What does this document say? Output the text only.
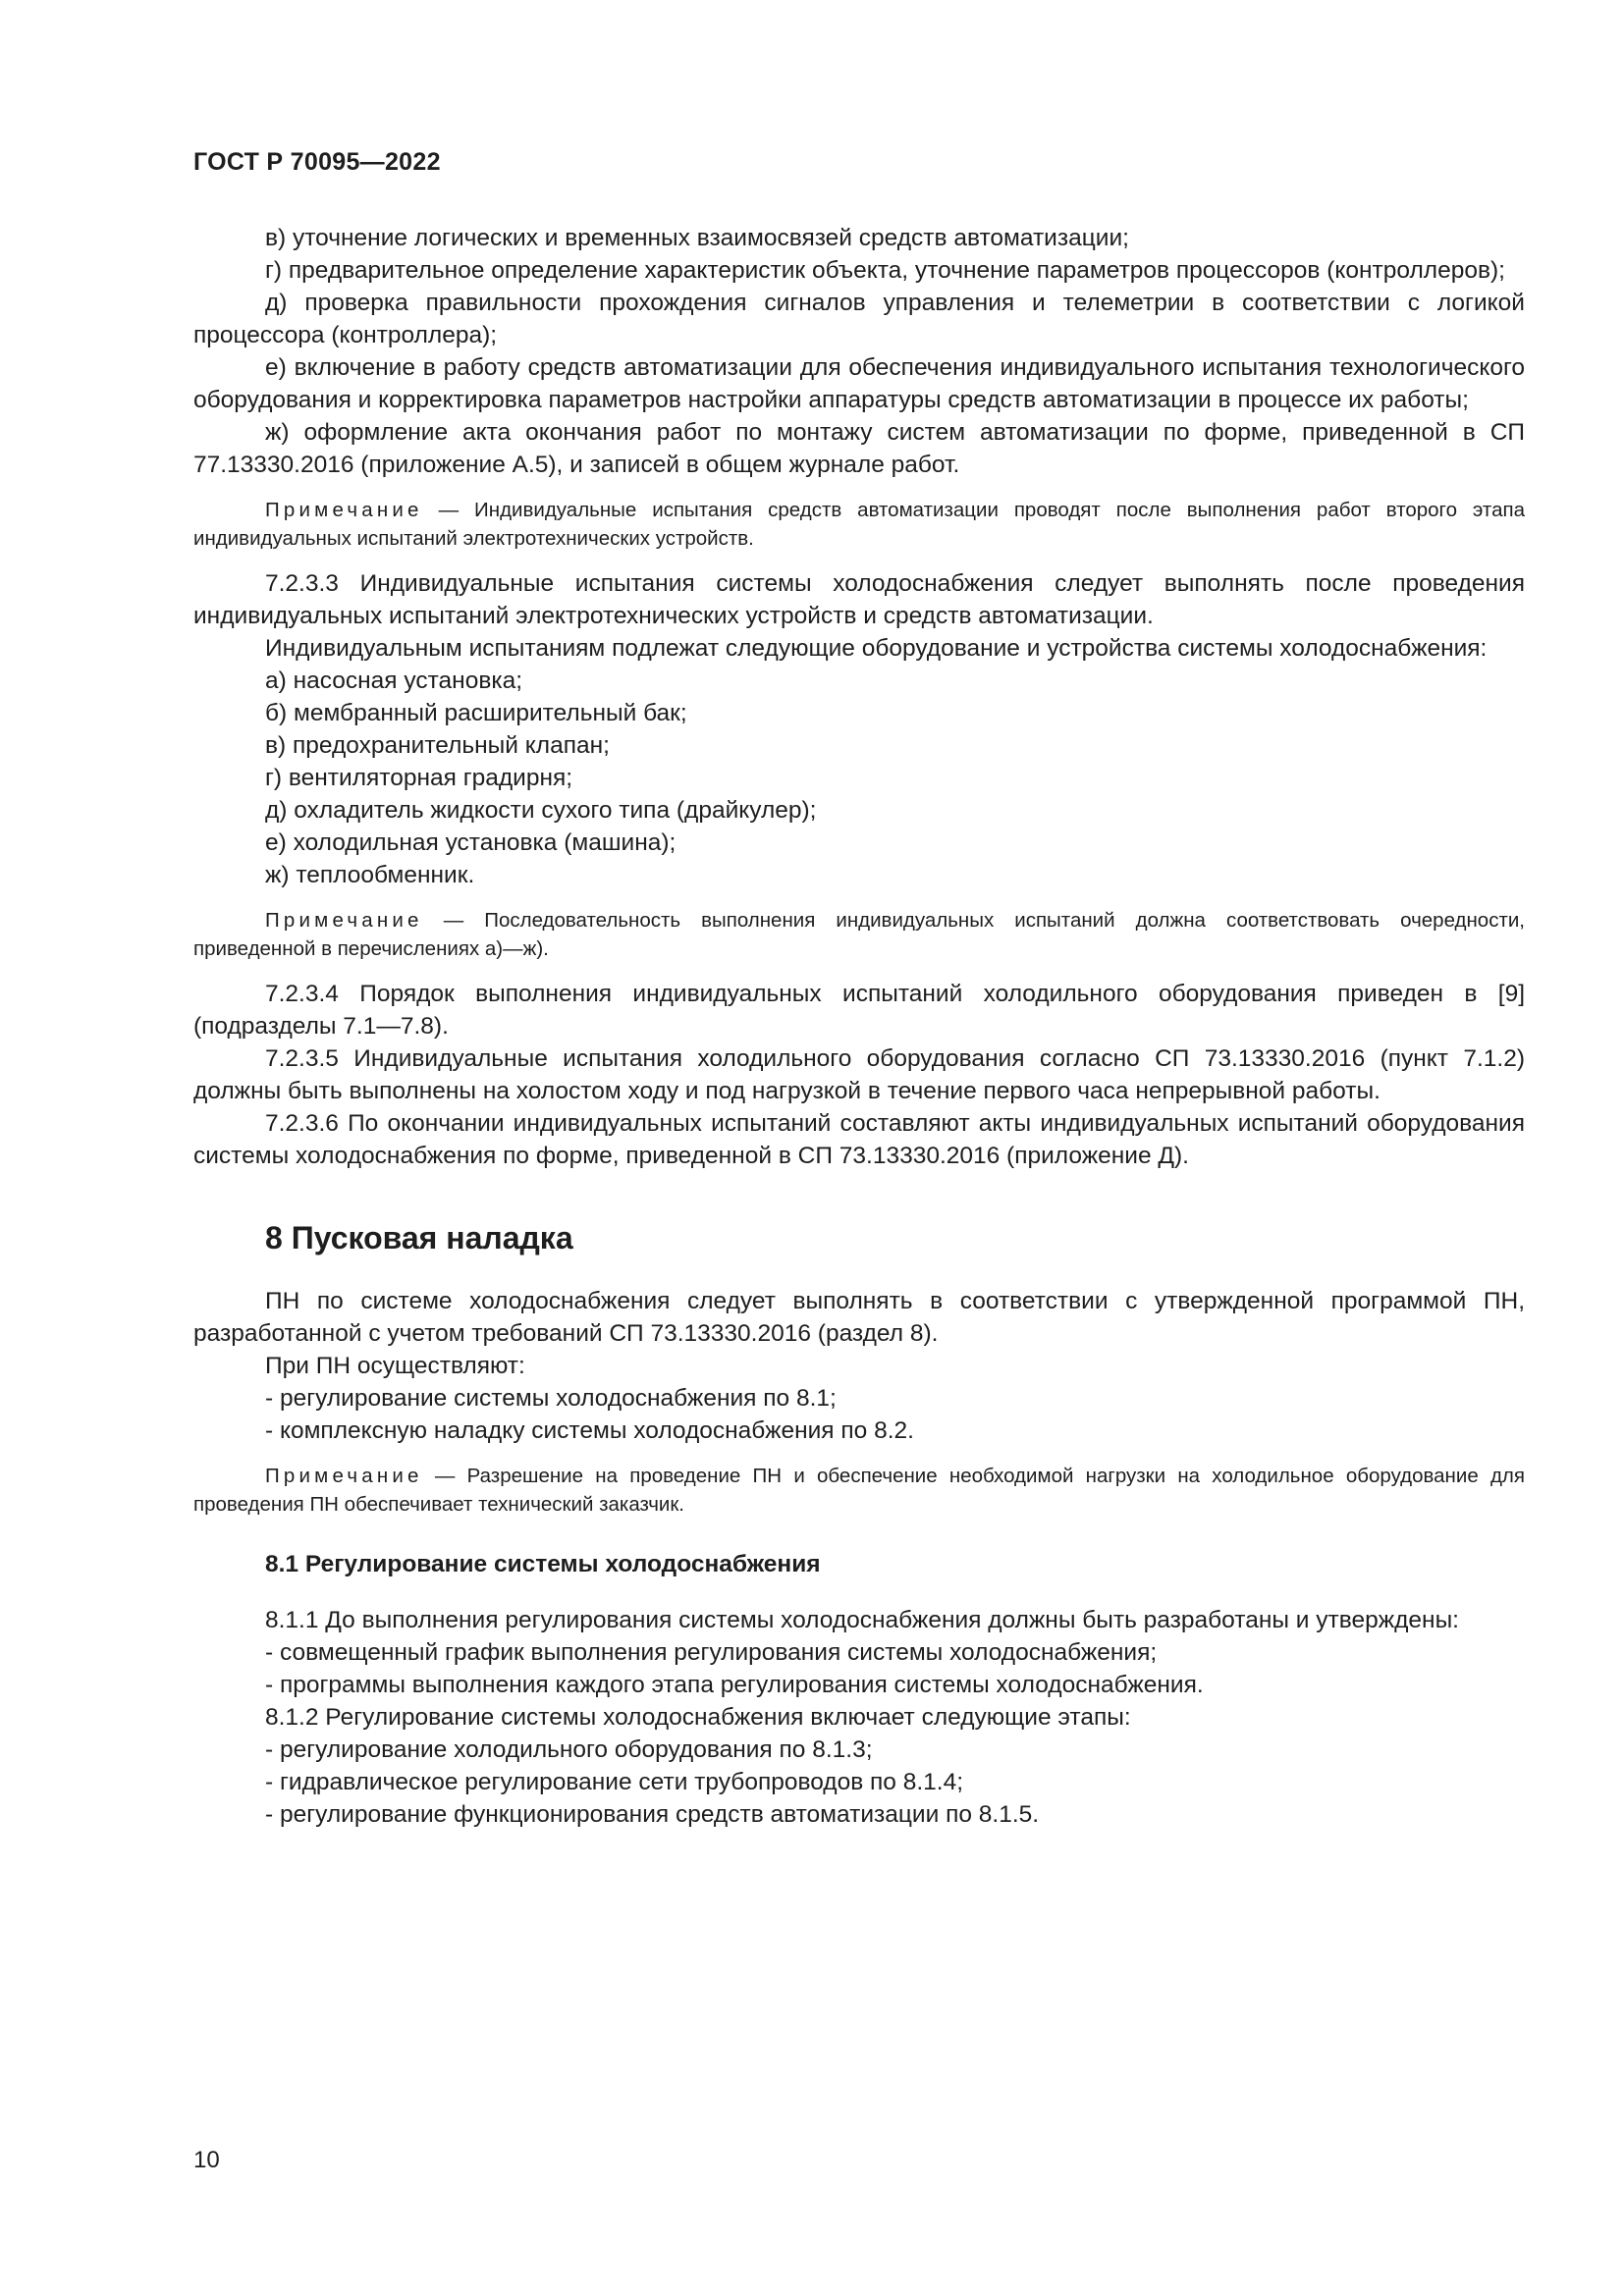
ГОСТ Р 70095—2022

в) уточнение логических и временных взаимосвязей средств автоматизации;

г) предварительное определение характеристик объекта, уточнение параметров процессоров (контроллеров);

д) проверка правильности прохождения сигналов управления и телеметрии в соответствии с логикой процессора (контроллера);

е) включение в работу средств автоматизации для обеспечения индивидуального испытания технологического оборудования и корректировка параметров настройки аппаратуры средств автоматизации в процессе их работы;

ж) оформление акта окончания работ по монтажу систем автоматизации по форме, приведенной в СП 77.13330.2016 (приложение А.5), и записей в общем журнале работ.

Примечание — Индивидуальные испытания средств автоматизации проводят после выполнения работ второго этапа индивидуальных испытаний электротехнических устройств.

7.2.3.3 Индивидуальные испытания системы холодоснабжения следует выполнять после проведения индивидуальных испытаний электротехнических устройств и средств автоматизации.

Индивидуальным испытаниям подлежат следующие оборудование и устройства системы холодоснабжения:

а) насосная установка;

б) мембранный расширительный бак;

в) предохранительный клапан;

г) вентиляторная градирня;

д) охладитель жидкости сухого типа (драйкулер);

е) холодильная установка (машина);

ж) теплообменник.

Примечание — Последовательность выполнения индивидуальных испытаний должна соответствовать очередности, приведенной в перечислениях а)—ж).

7.2.3.4 Порядок выполнения индивидуальных испытаний холодильного оборудования приведен в [9] (подразделы 7.1—7.8).

7.2.3.5 Индивидуальные испытания холодильного оборудования согласно СП 73.13330.2016 (пункт 7.1.2) должны быть выполнены на холостом ходу и под нагрузкой в течение первого часа непрерывной работы.

7.2.3.6 По окончании индивидуальных испытаний составляют акты индивидуальных испытаний оборудования системы холодоснабжения по форме, приведенной в СП 73.13330.2016 (приложение Д).

8 Пусковая наладка

ПН по системе холодоснабжения следует выполнять в соответствии с утвержденной программой ПН, разработанной с учетом требований СП 73.13330.2016 (раздел 8).

При ПН осуществляют:

- регулирование системы холодоснабжения по 8.1;

- комплексную наладку системы холодоснабжения по 8.2.

Примечание — Разрешение на проведение ПН и обеспечение необходимой нагрузки на холодильное оборудование для проведения ПН обеспечивает технический заказчик.

8.1 Регулирование системы холодоснабжения

8.1.1 До выполнения регулирования системы холодоснабжения должны быть разработаны и утверждены:

- совмещенный график выполнения регулирования системы холодоснабжения;

- программы выполнения каждого этапа регулирования системы холодоснабжения.

8.1.2 Регулирование системы холодоснабжения включает следующие этапы:

- регулирование холодильного оборудования по 8.1.3;

- гидравлическое регулирование сети трубопроводов по 8.1.4;

- регулирование функционирования средств автоматизации по 8.1.5.

10
